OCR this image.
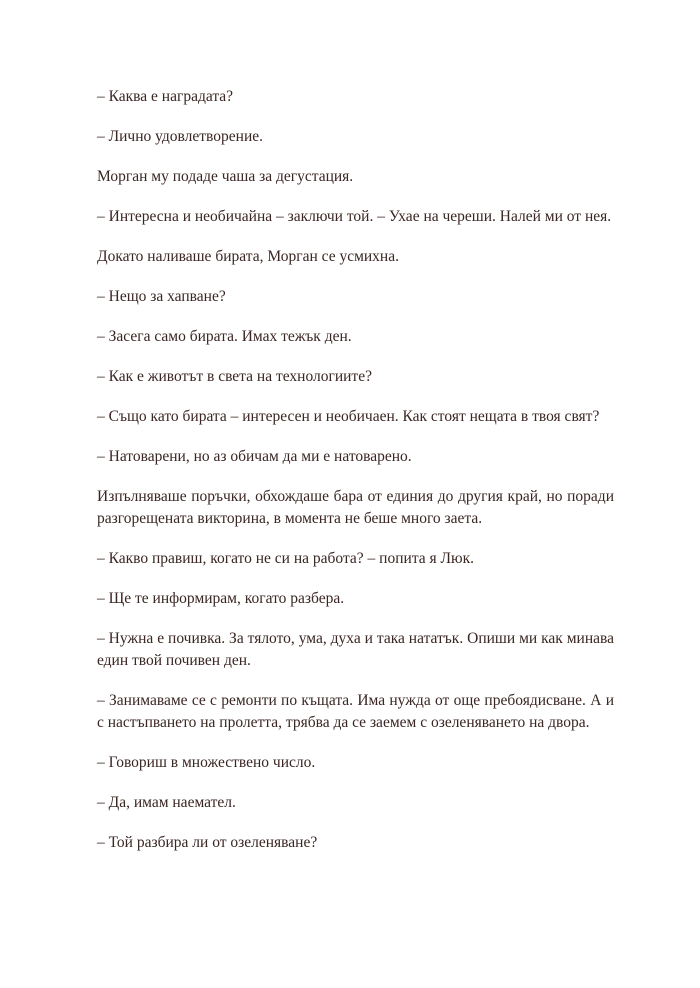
– Каква е наградата?

– Лично удовлетворение.

Морган му подаде чаша за дегустация.

– Интересна и необичайна – заключи той. – Ухае на череши. Налей ми от нея.

Докато наливаше бирата, Морган се усмихна.

– Нещо за хапване?

– Засега само бирата. Имах тежък ден.

– Как е животът в света на технологиите?

– Също като бирата – интересен и необичаен. Как стоят нещата в твоя свят?

– Натоварени, но аз обичам да ми е натоварено.

Изпълняваше поръчки, обхождаше бара от единия до другия край, но поради разгорещената викторина, в момента не беше много заета.

– Какво правиш, когато не си на работа? – попита я Люк.

– Ще те информирам, когато разбера.

– Нужна е почивка. За тялото, ума, духа и така нататък. Опиши ми как минава един твой почивен ден.

– Занимаваме се с ремонти по къщата. Има нужда от още пребоядисване. А и с настъпването на пролетта, трябва да се заемем с озеленяването на двора.

– Говориш в множествено число.

– Да, имам наемател.

– Той разбира ли от озеленяване?
